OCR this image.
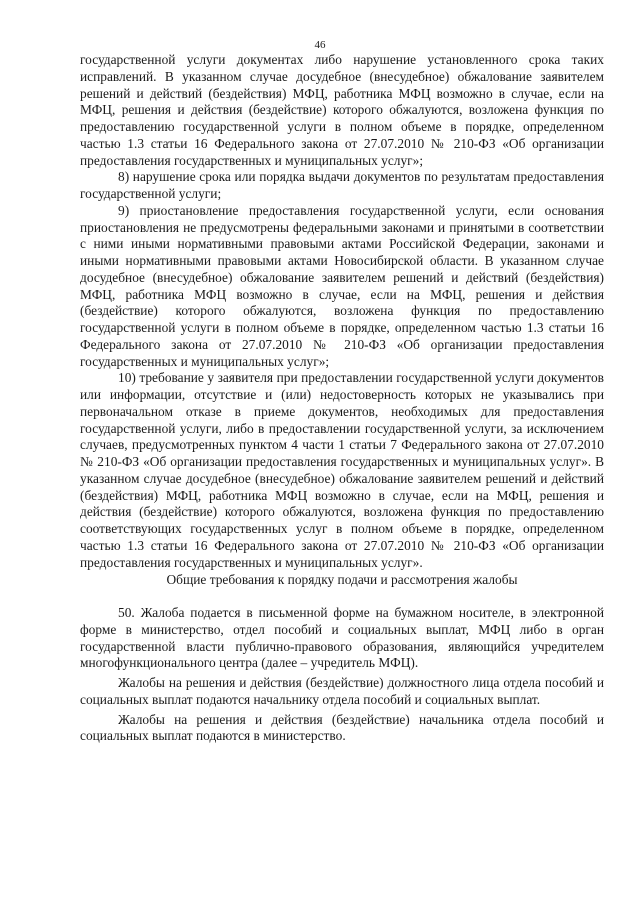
46

государственной услуги документах либо нарушение установленного срока таких исправлений. В указанном случае досудебное (внесудебное) обжалование заявителем решений и действий (бездействия) МФЦ, работника МФЦ возможно в случае, если на МФЦ, решения и действия (бездействие) которого обжалуются, возложена функция по предоставлению государственной услуги в полном объеме в порядке, определенном частью 1.3 статьи 16 Федерального закона от 27.07.2010 № 210-ФЗ «Об организации предоставления государственных и муниципальных услуг»;

8) нарушение срока или порядка выдачи документов по результатам предоставления государственной услуги;

9) приостановление предоставления государственной услуги, если основания приостановления не предусмотрены федеральными законами и принятыми в соответствии с ними иными нормативными правовыми актами Российской Федерации, законами и иными нормативными правовыми актами Новосибирской области. В указанном случае досудебное (внесудебное) обжалование заявителем решений и действий (бездействия) МФЦ, работника МФЦ возможно в случае, если на МФЦ, решения и действия (бездействие) которого обжалуются, возложена функция по предоставлению государственной услуги в полном объеме в порядке, определенном частью 1.3 статьи 16 Федерального закона от 27.07.2010 № 210-ФЗ «Об организации предоставления государственных и муниципальных услуг»;

10) требование у заявителя при предоставлении государственной услуги документов или информации, отсутствие и (или) недостоверность которых не указывались при первоначальном отказе в приеме документов, необходимых для предоставления государственной услуги, либо в предоставлении государственной услуги, за исключением случаев, предусмотренных пунктом 4 части 1 статьи 7 Федерального закона от 27.07.2010 № 210-ФЗ «Об организации предоставления государственных и муниципальных услуг». В указанном случае досудебное (внесудебное) обжалование заявителем решений и действий (бездействия) МФЦ, работника МФЦ возможно в случае, если на МФЦ, решения и действия (бездействие) которого обжалуются, возложена функция по предоставлению соответствующих государственных услуг в полном объеме в порядке, определенном частью 1.3 статьи 16 Федерального закона от 27.07.2010 № 210-ФЗ «Об организации предоставления государственных и муниципальных услуг».

Общие требования к порядку подачи и рассмотрения жалобы

50. Жалоба подается в письменной форме на бумажном носителе, в электронной форме в министерство, отдел пособий и социальных выплат, МФЦ либо в орган государственной власти публично-правового образования, являющийся учредителем многофункционального центра (далее – учредитель МФЦ).

Жалобы на решения и действия (бездействие) должностного лица отдела пособий и социальных выплат подаются начальнику отдела пособий и социальных выплат.

Жалобы на решения и действия (бездействие) начальника отдела пособий и социальных выплат подаются в министерство.
